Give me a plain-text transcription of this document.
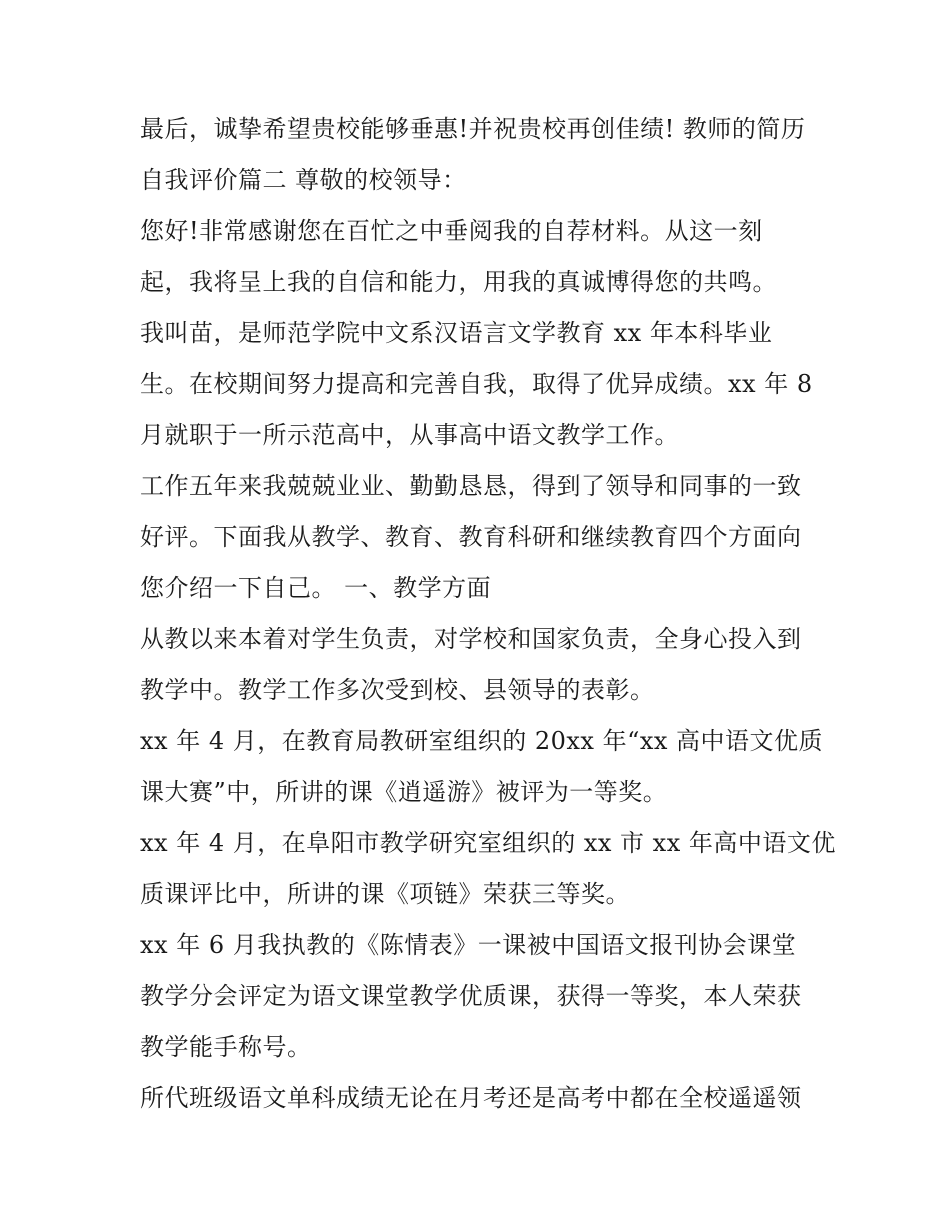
最后，诚挚希望贵校能够垂惠!并祝贵校再创佳绩! 教师的简历
自我评价篇二 尊敬的校领导：
您好!非常感谢您在百忙之中垂阅我的自荐材料。从这一刻
起，我将呈上我的自信和能力，用我的真诚博得您的共鸣。
我叫苗，是师范学院中文系汉语言文学教育 xx 年本科毕业
生。在校期间努力提高和完善自我，取得了优异成绩。xx 年 8
月就职于一所示范高中，从事高中语文教学工作。
工作五年来我兢兢业业、勤勤恳恳，得到了领导和同事的一致
好评。下面我从教学、教育、教育科研和继续教育四个方面向
您介绍一下自己。 一、教学方面
从教以来本着对学生负责，对学校和国家负责，全身心投入到
教学中。教学工作多次受到校、县领导的表彰。
xx 年 4 月，在教育局教研室组织的 20xx 年“xx 高中语文优质
课大赛”中，所讲的课《逍遥游》被评为一等奖。
xx 年 4 月，在阜阳市教学研究室组织的 xx 市 xx 年高中语文优
质课评比中，所讲的课《项链》荣获三等奖。
xx 年 6 月我执教的《陈情表》一课被中国语文报刊协会课堂
教学分会评定为语文课堂教学优质课，获得一等奖，本人荣获
教学能手称号。
所代班级语文单科成绩无论在月考还是高考中都在全校遥遥领
